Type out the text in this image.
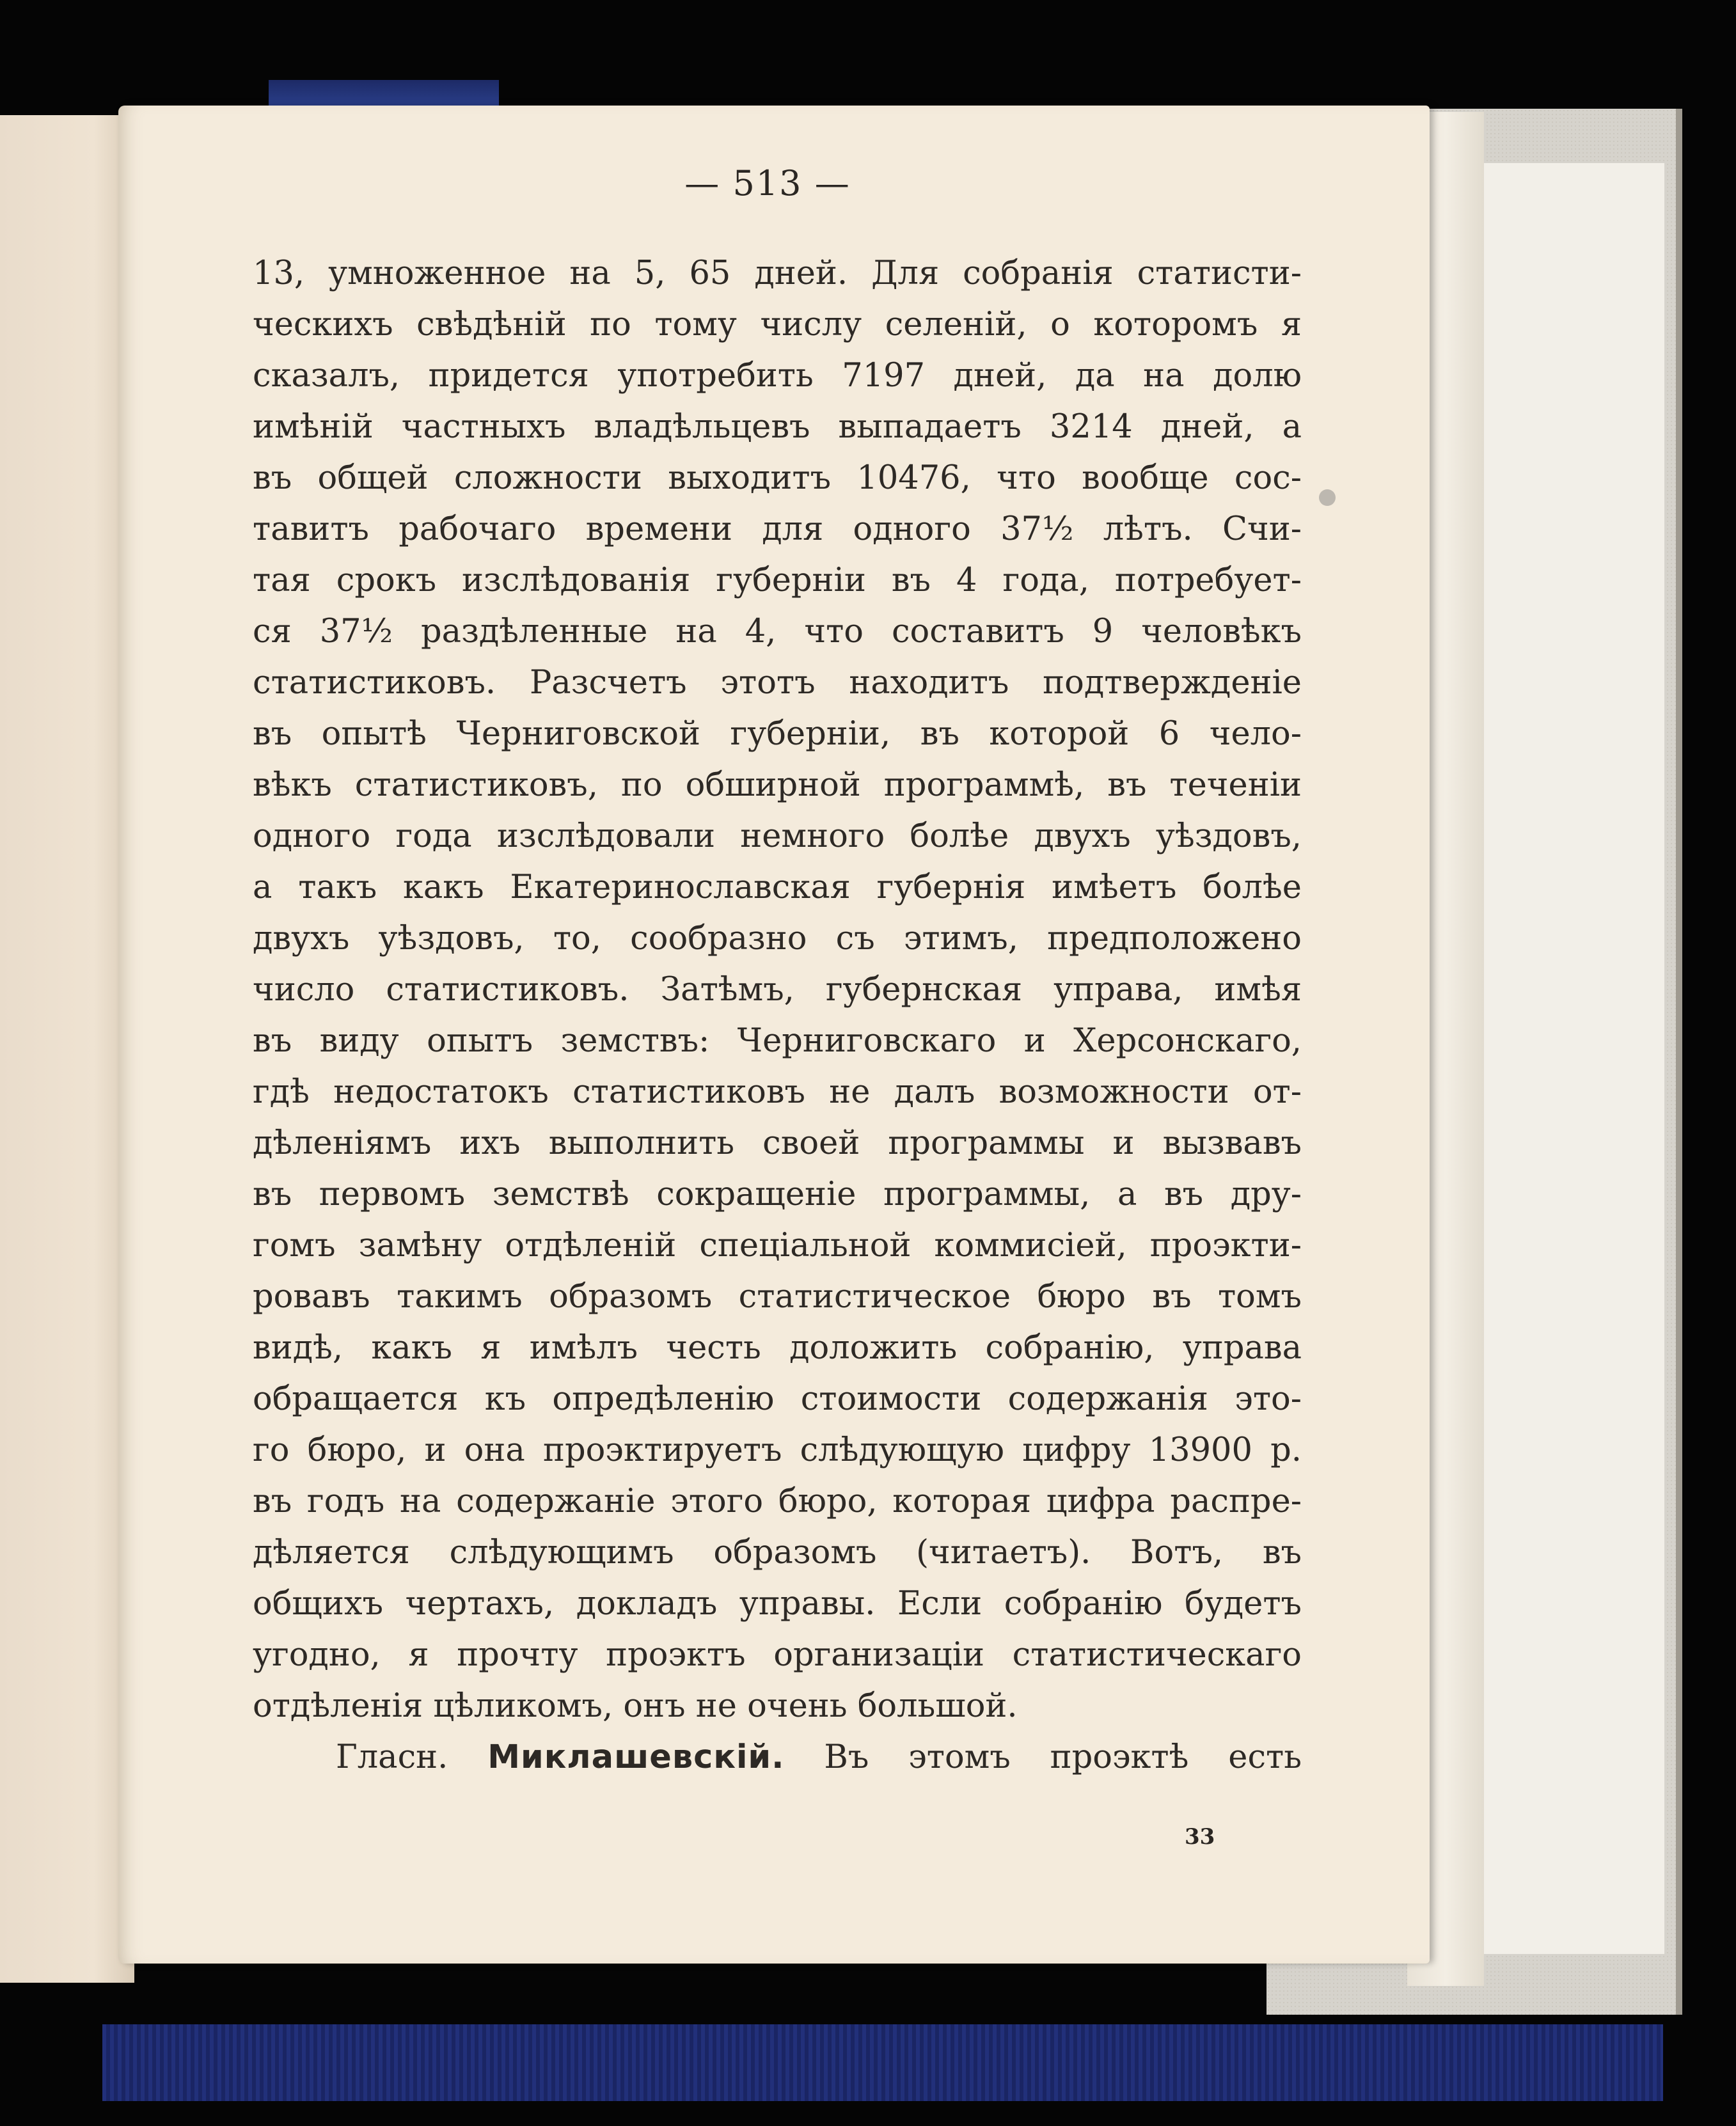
— 513 —
13, умноженное на 5, 65 дней. Для собранія статисти-
ческихъ свѣдѣній по тому числу селеній, о которомъ я
сказалъ, придется употребить 7197 дней, да на долю
имѣній частныхъ владѣльцевъ выпадаетъ 3214 дней, а
въ общей сложности выходитъ 10476, что вообще сос-
тавитъ рабочаго времени для одного 37½ лѣтъ. Счи-
тая срокъ изслѣдованія губерніи въ 4 года, потребует-
ся 37½ раздѣленные на 4, что составитъ 9 человѣкъ
статистиковъ. Разсчетъ этотъ находитъ подтвержденіе
въ опытѣ Черниговской губерніи, въ которой 6 чело-
вѣкъ статистиковъ, по обширной программѣ, въ теченіи
одного года изслѣдовали немного болѣе двухъ уѣздовъ,
а такъ какъ Екатеринославская губернія имѣетъ болѣе
двухъ уѣздовъ, то, сообразно съ этимъ, предположено
число статистиковъ. Затѣмъ, губернская управа, имѣя
въ виду опытъ земствъ: Черниговскаго и Херсонскаго,
гдѣ недостатокъ статистиковъ не далъ возможности от-
дѣленіямъ ихъ выполнить своей программы и вызвавъ
въ первомъ земствѣ сокращеніе программы, а въ дру-
гомъ замѣну отдѣленій спеціальной коммисіей, проэкти-
ровавъ такимъ образомъ статистическое бюро въ томъ
видѣ, какъ я имѣлъ честь доложить собранію, управа
обращается къ опредѣленію стоимости содержанія это-
го бюро, и она проэктируетъ слѣдующую цифру 13900 р.
въ годъ на содержаніе этого бюро, которая цифра распре-
дѣляется слѣдующимъ образомъ (читаетъ). Вотъ, въ
общихъ чертахъ, докладъ управы. Если собранію будетъ
угодно, я прочту проэктъ организаціи статистическаго
отдѣленія цѣликомъ, онъ не очень большой.
Гласн. Миклашевскій. Въ этомъ проэктѣ есть
33
